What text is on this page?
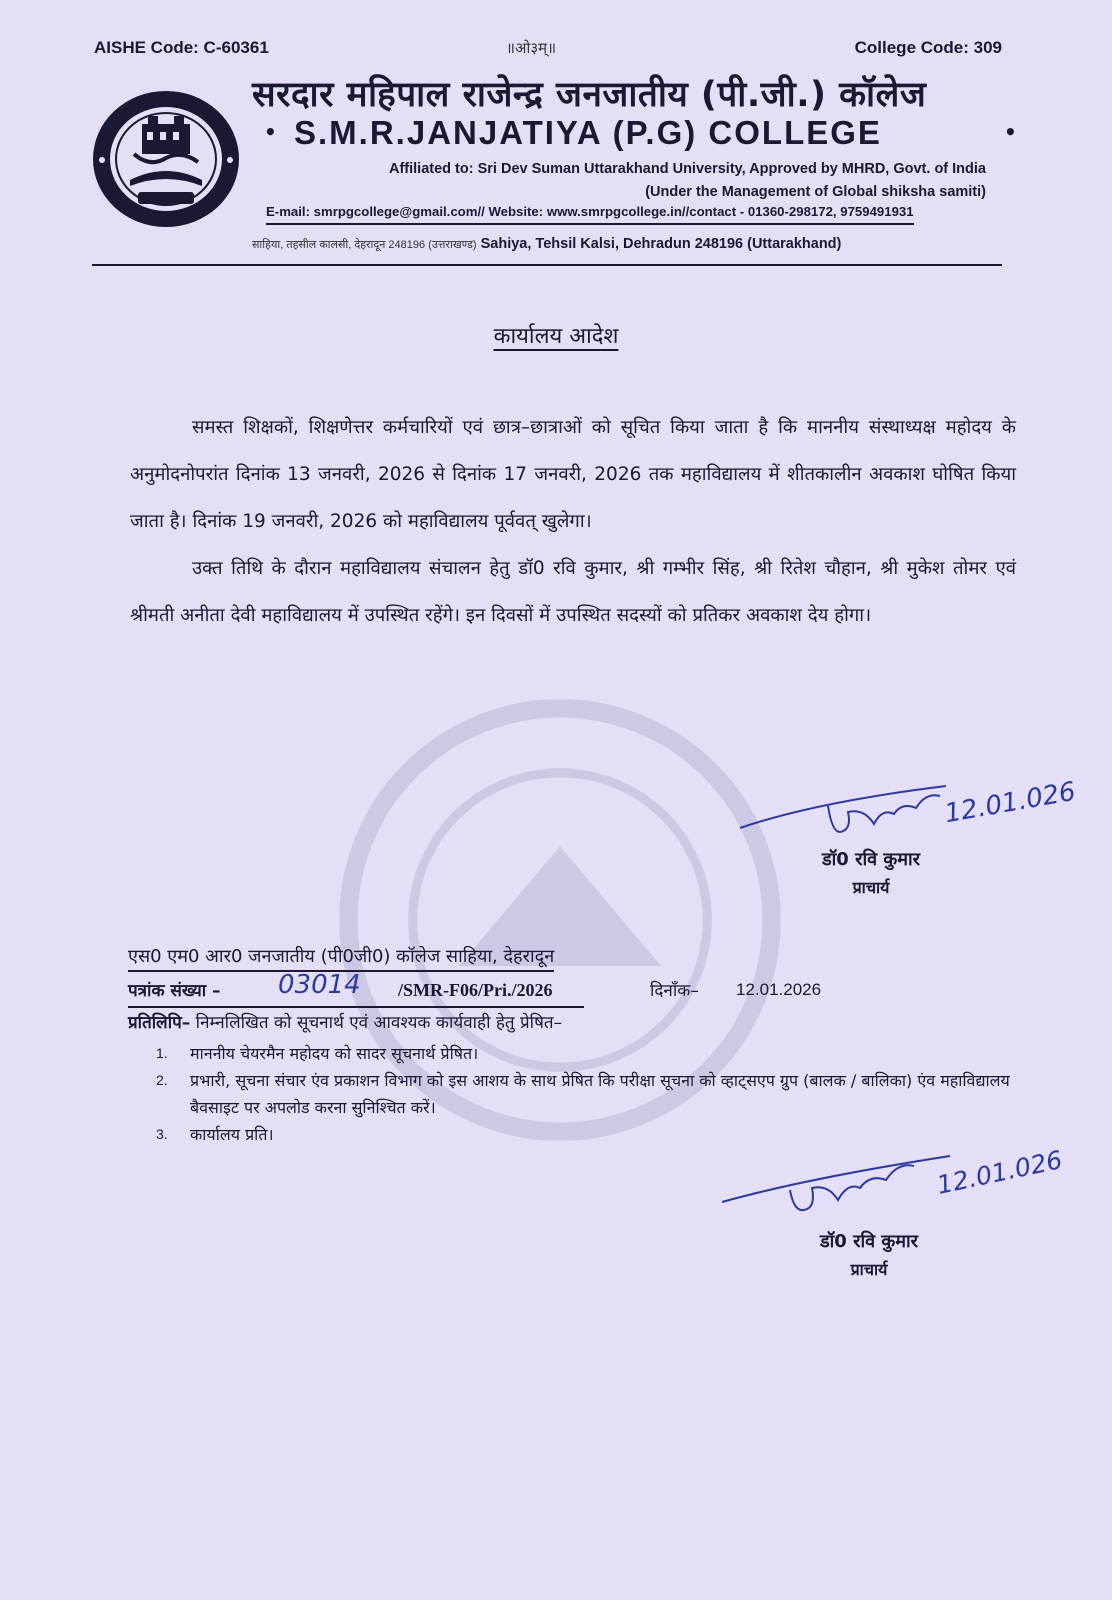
AISHE Code: C-60361	॥ओ३म्॥	College Code: 309
सरदार महिपाल राजेन्द्र जनजातीय (पी.जी.) कॉलेज
S.M.R.JANJATIYA (P.G) COLLEGE
•	•
Affiliated to: Sri Dev Suman Uttarakhand University, Approved by MHRD, Govt. of India
(Under the Management of Global shiksha samiti)
E-mail: smrpgcollege@gmail.com// Website: www.smrpgcollege.in//contact - 01360-298172, 9759491931
साहिया, तहसील कालसी, देहरादून 248196 (उत्तराखण्ड) Sahiya, Tehsil Kalsi, Dehradun 248196 (Uttarakhand)
कार्यालय आदेश

समस्त शिक्षकों, शिक्षणेत्तर कर्मचारियों एवं छात्र–छात्राओं को सूचित किया जाता है कि माननीय संस्थाध्यक्ष महोदय के अनुमोदनोपरांत दिनांक 13 जनवरी, 2026 से दिनांक 17 जनवरी, 2026 तक महाविद्यालय में शीतकालीन अवकाश घोषित किया जाता है। दिनांक 19 जनवरी, 2026 को महाविद्यालय पूर्ववत् खुलेगा।

उक्त तिथि के दौरान महाविद्यालय संचालन हेतु डॉ0 रवि कुमार, श्री गम्भीर सिंह, श्री रितेश चौहान, श्री मुकेश तोमर एवं श्रीमती अनीता देवी महाविद्यालय में उपस्थित रहेंगे। इन दिवसों में उपस्थित सदस्यों को प्रतिकर अवकाश देय होगा।

12.01.026
डॉ0 रवि कुमार
प्राचार्य
एस0 एम0 आर0 जनजातीय (पी0जी0) कॉलेज साहिया, देहरादून
पत्रांक संख्या – 03014 /SMR-F06/Pri./2026	दिनाँक– 12.01.2026
प्रतिलिपि– निम्नलिखित को सूचनार्थ एवं आवश्यक कार्यवाही हेतु प्रेषित–
1. माननीय चेयरमैन महोदय को सादर सूचनार्थ प्रेषित।
2. प्रभारी, सूचना संचार एंव प्रकाशन विभाग को इस आशय के साथ प्रेषित कि परीक्षा सूचना को व्हाट्सएप ग्रुप (बालक / बालिका) एंव महाविद्यालय बैवसाइट पर अपलोड करना सुनिश्चित करें।
3. कार्यालय प्रति।
12.01.026
डॉ0 रवि कुमार
प्राचार्य
